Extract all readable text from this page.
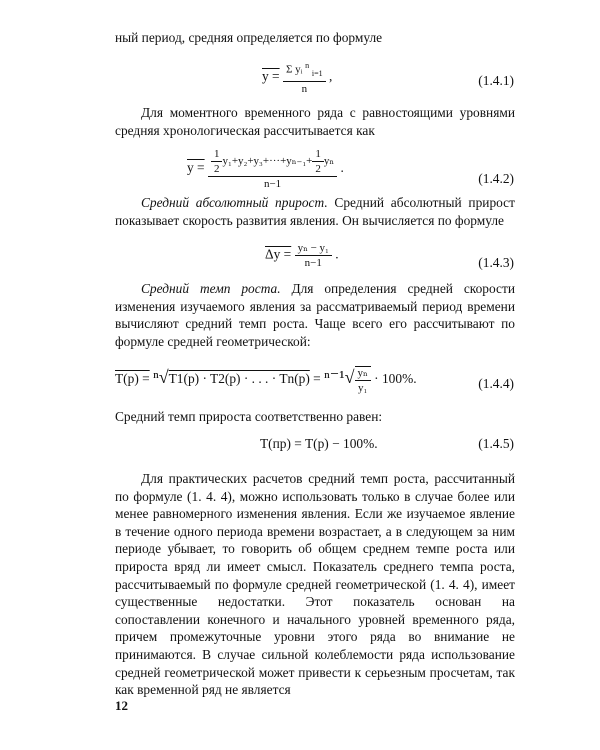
ный период, средняя определяется по формуле
$y = \frac{\Sigma yᵢ ^n _{i=1}}{n}$ ,	(1.4.1)
Для моментного временного ряда с равностоящими уровнями средняя хронологическая рассчитывается как
$y = \frac{\frac{1}{2} y_1+y_2+y_3+\cdot\cdot\cdot+y_{n-1}+ \frac{1}{2} y_n}{n-1}$ .
(1.4.2)
Средний абсолютный прирост. Средний абсолютный прирост показывает скорость развития явления. Он вычисляется по формуле
$\Delta y = \frac{\text{yₙ − y₁}}{n-1}$ .
(1.4.3)
Средний темп роста. Для определения средней скорости изменения изучаемого явления за рассматриваемый период времени вычисляют средний темп роста. Чаще всего его рассчитывают по формуле средней геометрической:
T(р) = ⁿ√T1(р) · T2(р) · . . . · $Tn(р) = ^{n-1}√ \frac{\text{yₙ}}{\text{y₁}} \cdot 100\%$.	(1.4.4)
Средний темп прироста соответственно равен:
T(пр) = T(р) − 100%.	(1.4.5)
Для практических расчетов средний темп роста, рассчитанный по формуле (1. 4. 4), можно использовать только в случае более или менее равномерного изменения явления. Если же изучаемое явление в течение одного периода времени возрастает, а в следующем за ним периоде убывает, то говорить об общем среднем темпе роста или прироста вряд ли имеет смысл. Показатель среднего темпа роста, рассчитываемый по формуле средней геометрической (1. 4. 4), имеет существенные недостатки. Этот показатель основан на сопоставлении конечного и начального уровней временного ряда, причем промежуточные уровни этого ряда во внимание не принимаются. В случае сильной колеблемости ряда использование средней геометрической может привести к серьезным просчетам, так как временной ряд не является
12
